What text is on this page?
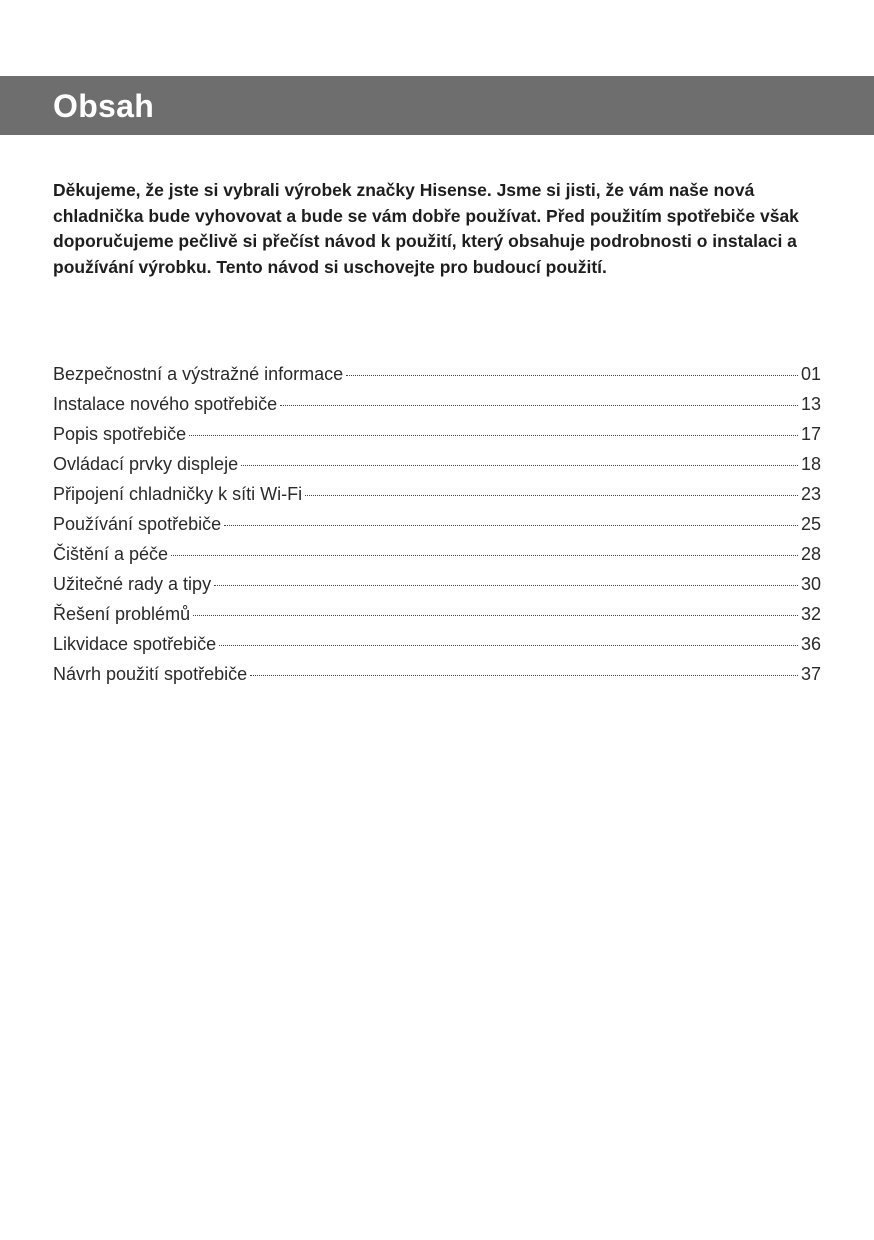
Obsah

Děkujeme, že jste si vybrali výrobek značky Hisense. Jsme si jisti, že vám naše nová chladnička bude vyhovovat a bude se vám dobře používat. Před použitím spotřebiče však doporučujeme pečlivě si přečíst návod k použití, který obsahuje podrobnosti o instalaci a používání výrobku. Tento návod si uschovejte pro budoucí použití.

Bezpečnostní a výstražné informace	01
Instalace nového spotřebiče	13
Popis spotřebiče	17
Ovládací prvky displeje	18
Připojení chladničky k síti Wi-Fi	23
Používání spotřebiče	25
Čištění a péče	28
Užitečné rady a tipy	30
Řešení problémů	32
Likvidace spotřebiče	36
Návrh použití spotřebiče	37
